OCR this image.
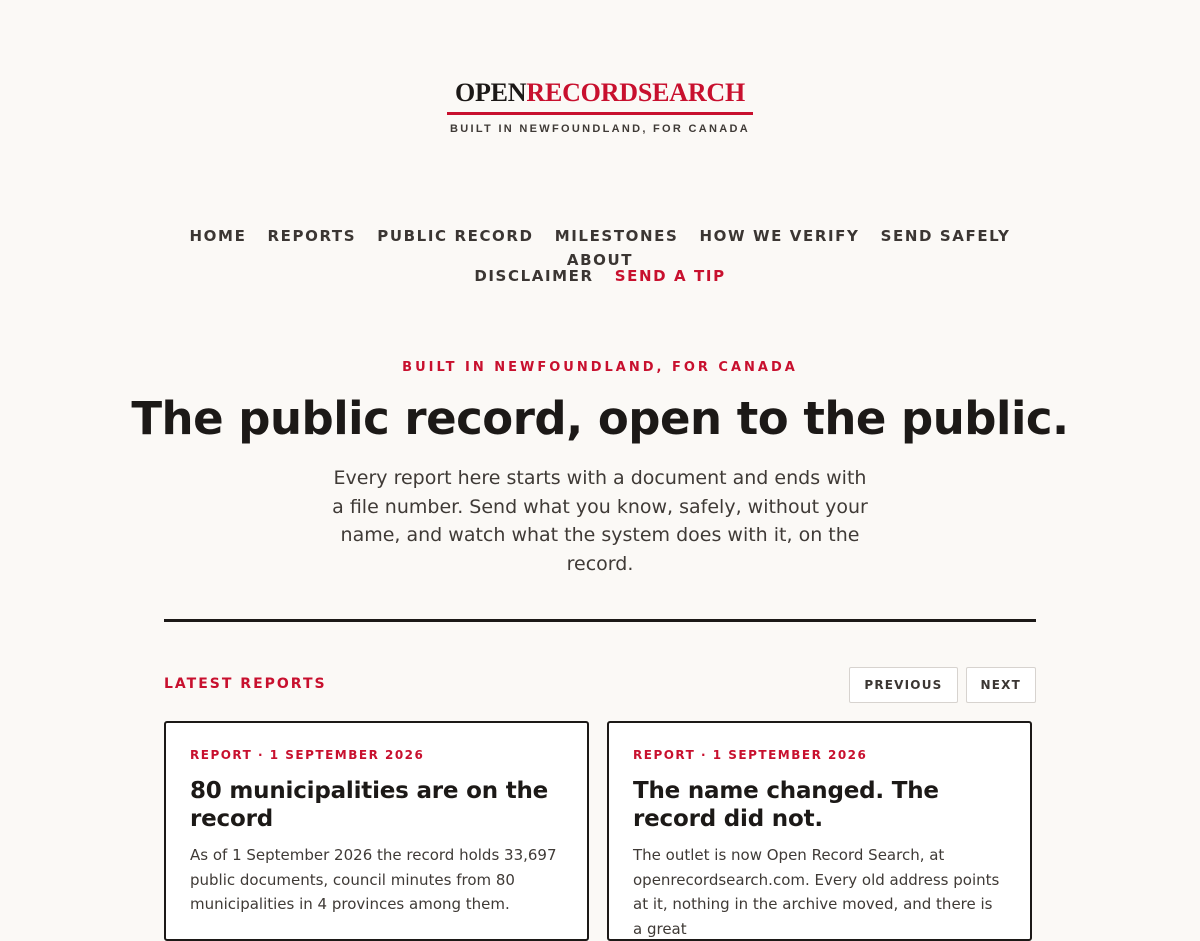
OPENRECORDSEARCH
BUILT IN NEWFOUNDLAND, FOR CANADA
HOME REPORTS PUBLIC RECORD MILESTONES HOW WE VERIFY SEND SAFELY ABOUT
DISCLAIMER SEND A TIP
BUILT IN NEWFOUNDLAND, FOR CANADA
The public record, open to the public.

Every report here starts with a document and ends with a file number. Send what you know, safely, without your name, and watch what the system does with it, on the record.

LATEST REPORTS	PREVIOUS	NEXT
REPORT · 1 SEPTEMBER 2026
80 municipalities are on the record

As of 1 September 2026 the record holds 33,697 public documents, council minutes from 80 municipalities in 4 provinces among them.

REPORT · 1 SEPTEMBER 2026
The name changed. The record did not.

The outlet is now Open Record Search, at openrecordsearch.com. Every old address points at it, nothing in the archive moved, and there is a great
